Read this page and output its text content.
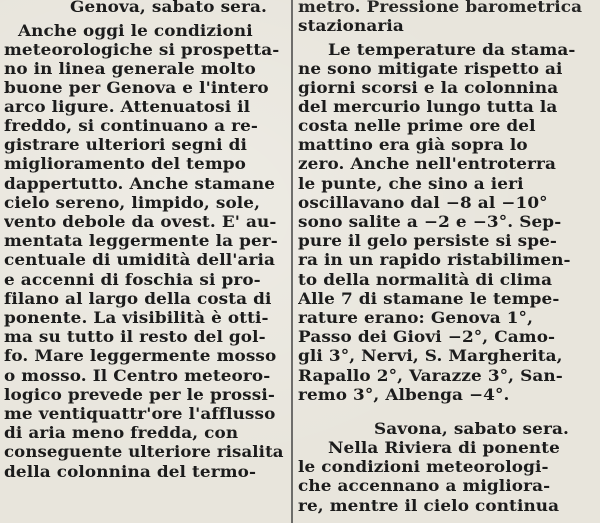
Genova, sabato sera.
Anche oggi le condizioni
meteorologiche si prospetta-
no in linea generale molto
buone per Genova e l'intero
arco ligure. Attenuatosi il
freddo, si continuano a re-
gistrare ulteriori segni di
miglioramento del tempo
dappertutto. Anche stamane
cielo sereno, limpido, sole,
vento debole da ovest. E' au-
mentata leggermente la per-
centuale di umidità dell'aria
e accenni di foschia si pro-
filano al largo della costa di
ponente. La visibilità è otti-
ma su tutto il resto del gol-
fo. Mare leggermente mosso
o mosso. Il Centro meteoro-
logico prevede per le prossi-
me ventiquattr'ore l'afflusso
di aria meno fredda, con
conseguente ulteriore risalita
della colonnina del termo-
metro. Pressione barometrica
stazionaria
Le temperature da stama-
ne sono mitigate rispetto ai
giorni scorsi e la colonnina
del mercurio lungo tutta la
costa nelle prime ore del
mattino era già sopra lo
zero. Anche nell'entroterra
le punte, che sino a ieri
oscillavano dal −8 al −10°
sono salite a −2 e −3°. Sep-
pure il gelo persiste si spe-
ra in un rapido ristabilimen-
to della normalità di clima
Alle 7 di stamane le tempe-
rature erano: Genova 1°,
Passo dei Giovi −2°, Camo-
gli 3°, Nervi, S. Margherita,
Rapallo 2°, Varazze 3°, San-
remo 3°, Albenga −4°.
Savona, sabato sera.
Nella Riviera di ponente
le condizioni meteorologi-
che accennano a migliora-
re, mentre il cielo continua
